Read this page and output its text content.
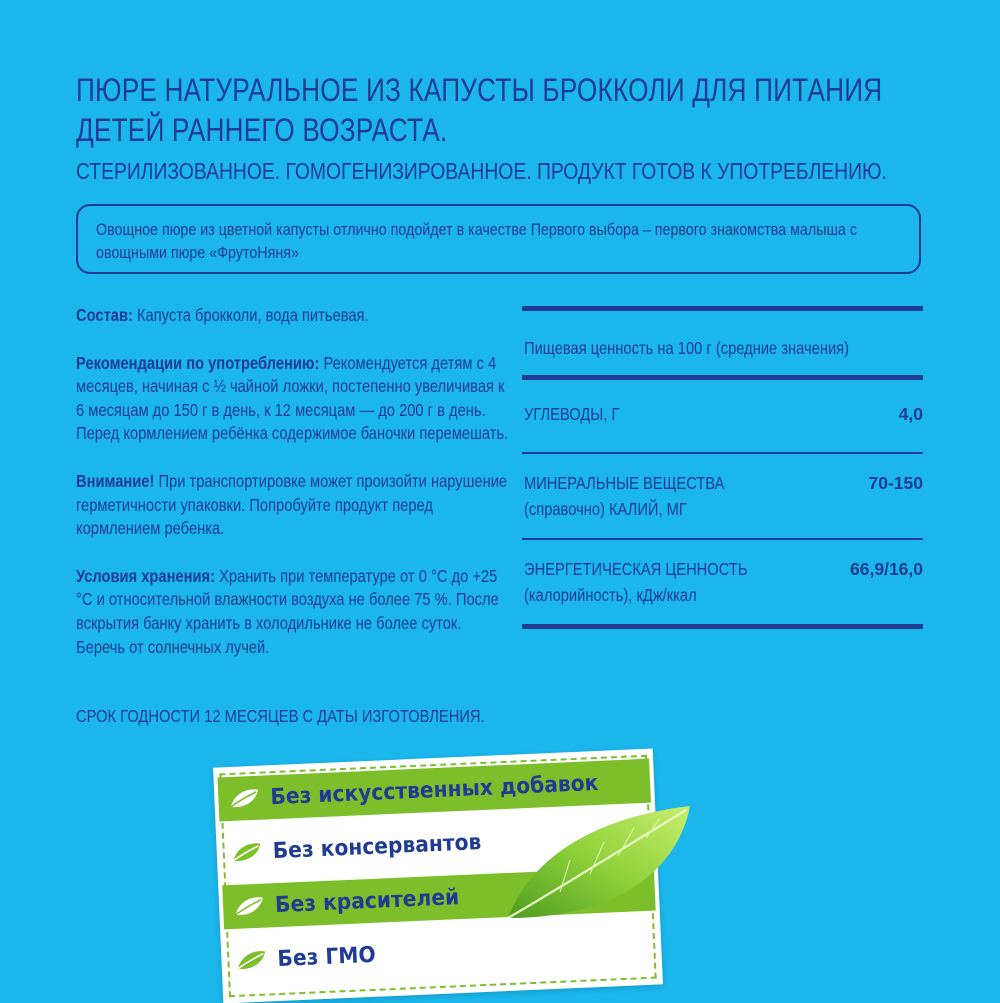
ПЮРЕ НАТУРАЛЬНОЕ ИЗ КАПУСТЫ БРОККОЛИ ДЛЯ ПИТАНИЯ ДЕТЕЙ РАННЕГО ВОЗРАСТА.
СТЕРИЛИЗОВАННОЕ. ГОМОГЕНИЗИРОВАННОЕ. ПРОДУКТ ГОТОВ К УПОТРЕБЛЕНИЮ.
Овощное пюре из цветной капусты отлично подойдет в качестве Первого выбора – первого знакомства малыша с овощными пюре «ФрутоНяня»

Состав: Капуста брокколи, вода питьевая.

Рекомендации по употреблению: Рекомендуется детям с 4 месяцев, начиная с ½ чайной ложки, постепенно увеличивая к 6 месяцам до 150 г в день, к 12 месяцам — до 200 г в день. Перед кормлением ребёнка содержимое баночки перемешать.

Внимание! При транспортировке может произойти нарушение герметичности упаковки. Попробуйте продукт перед кормлением ребенка.

Условия хранения: Хранить при температуре от 0 °С до +25 °С и относительной влажности воздуха не более 75 %. После вскрытия банку хранить в холодильнике не более суток. Беречь от солнечных лучей.

СРОК ГОДНОСТИ 12 МЕСЯЦЕВ С ДАТЫ ИЗГОТОВЛЕНИЯ.
Пищевая ценность на 100 г (средние значения)
УГЛЕВОДЫ, Г	4,0
МИНЕРАЛЬНЫЕ ВЕЩЕСТВА
(справочно) КАЛИЙ, МГ
70-150
ЭНЕРГЕТИЧЕСКАЯ ЦЕННОСТЬ
(калорийность), кДж/ккал
66,9/16,0
Без искусственных добавок
Без консервантов
Без красителей
Без ГМО
